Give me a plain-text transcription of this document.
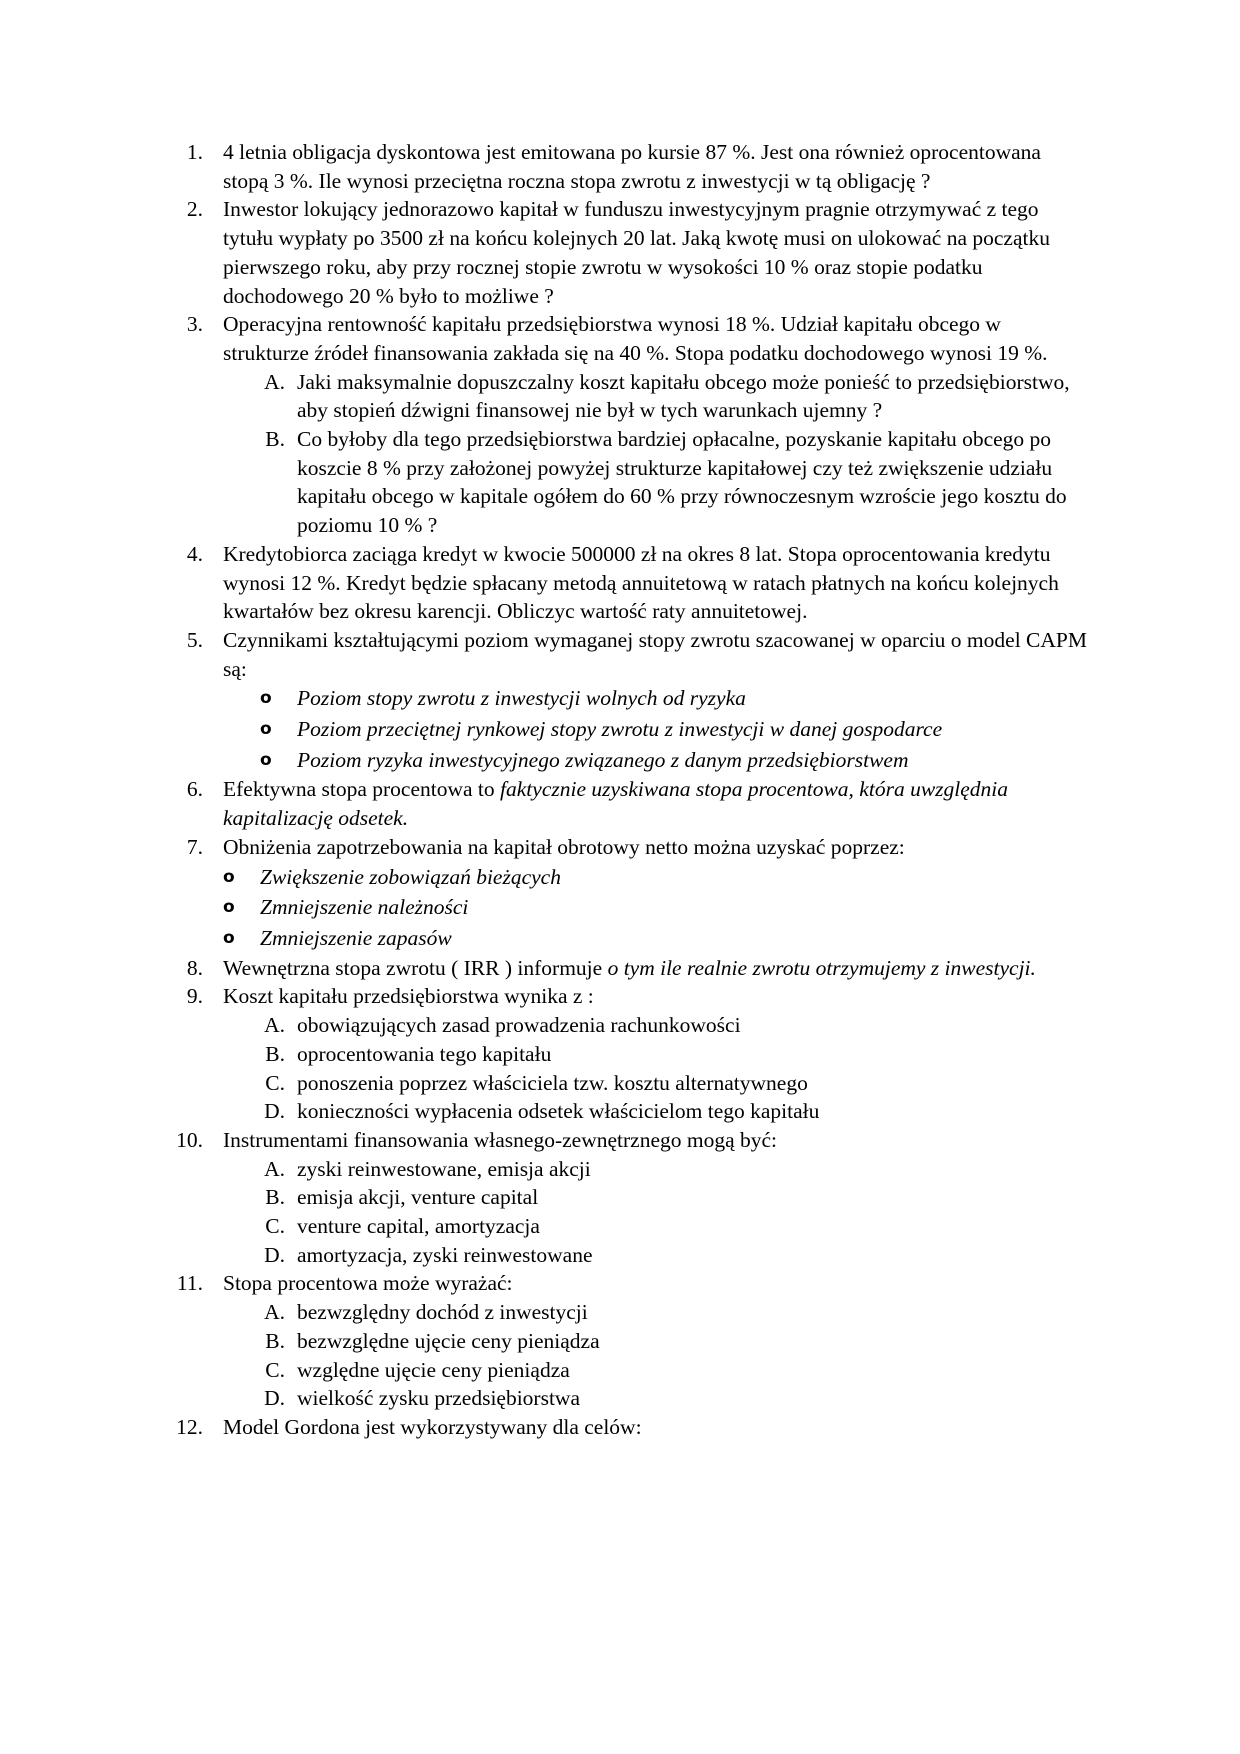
1. 4 letnia obligacja dyskontowa jest emitowana po kursie 87 %. Jest ona również oprocentowana stopą 3 %. Ile wynosi przeciętna roczna stopa zwrotu z inwestycji w tą obligację ?
2. Inwestor lokujący jednorazowo kapitał w funduszu inwestycyjnym pragnie otrzymywać z tego tytułu wypłaty po 3500 zł na końcu kolejnych 20 lat. Jaką kwotę musi on ulokować na początku pierwszego roku, aby przy rocznej stopie zwrotu w wysokości 10 % oraz stopie podatku dochodowego 20 % było to możliwe ?
3. Operacyjna rentowność kapitału przedsiębiorstwa wynosi 18 %. Udział kapitału obcego w strukturze źródeł finansowania zakłada się na 40 %. Stopa podatku dochodowego wynosi 19 %.
A. Jaki maksymalnie dopuszczalny koszt kapitału obcego może ponieść to przedsiębiorstwo, aby stopień dźwigni finansowej nie był w tych warunkach ujemny ?
B. Co byłoby dla tego przedsiębiorstwa bardziej opłacalne, pozyskanie kapitału obcego po koszcie 8 % przy założonej powyżej strukturze kapitałowej czy też zwiększenie udziału kapitału obcego w kapitale ogółem do 60 % przy równoczesnym wzroście jego kosztu do poziomu 10 % ?
4. Kredytobiorca zaciąga kredyt w kwocie 500000 zł na okres 8 lat. Stopa oprocentowania kredytu wynosi 12 %. Kredyt będzie spłacany metodą annuitetową w ratach płatnych na końcu kolejnych kwartałów bez okresu karencji. Obliczyc wartość raty annuitetowej.
5. Czynnikami kształtującymi poziom wymaganej stopy zwrotu szacowanej w oparciu o model CAPM są:
o Poziom stopy zwrotu z inwestycji wolnych od ryzyka
o Poziom przeciętnej rynkowej stopy zwrotu z inwestycji w danej gospodarce
o Poziom ryzyka inwestycyjnego związanego z danym przedsiębiorstwem
6. Efektywna stopa procentowa to faktycznie uzyskiwana stopa procentowa, która uwzględnia kapitalizację odsetek.
7. Obniżenia zapotrzebowania na kapitał obrotowy netto można uzyskać poprzez:
o Zwiększenie zobowiązań bieżących
o Zmniejszenie należności
o Zmniejszenie zapasów
8. Wewnętrzna stopa zwrotu ( IRR ) informuje o tym ile realnie zwrotu otrzymujemy z inwestycji.
9. Koszt kapitału przedsiębiorstwa wynika z :
A. obowiązujących zasad prowadzenia rachunkowości
B. oprocentowania tego kapitału
C. ponoszenia poprzez właściciela tzw. kosztu alternatywnego
D. konieczności wypłacenia odsetek właścicielom tego kapitału
10. Instrumentami finansowania własnego-zewnętrznego mogą być:
A. zyski reinwestowane, emisja akcji
B. emisja akcji, venture capital
C. venture capital, amortyzacja
D. amortyzacja, zyski reinwestowane
11. Stopa procentowa może wyrażać:
A. bezwzględny dochód z inwestycji
B. bezwzględne ujęcie ceny pieniądza
C. względne ujęcie ceny pieniądza
D. wielkość zysku przedsiębiorstwa
12. Model Gordona jest wykorzystywany dla celów:
